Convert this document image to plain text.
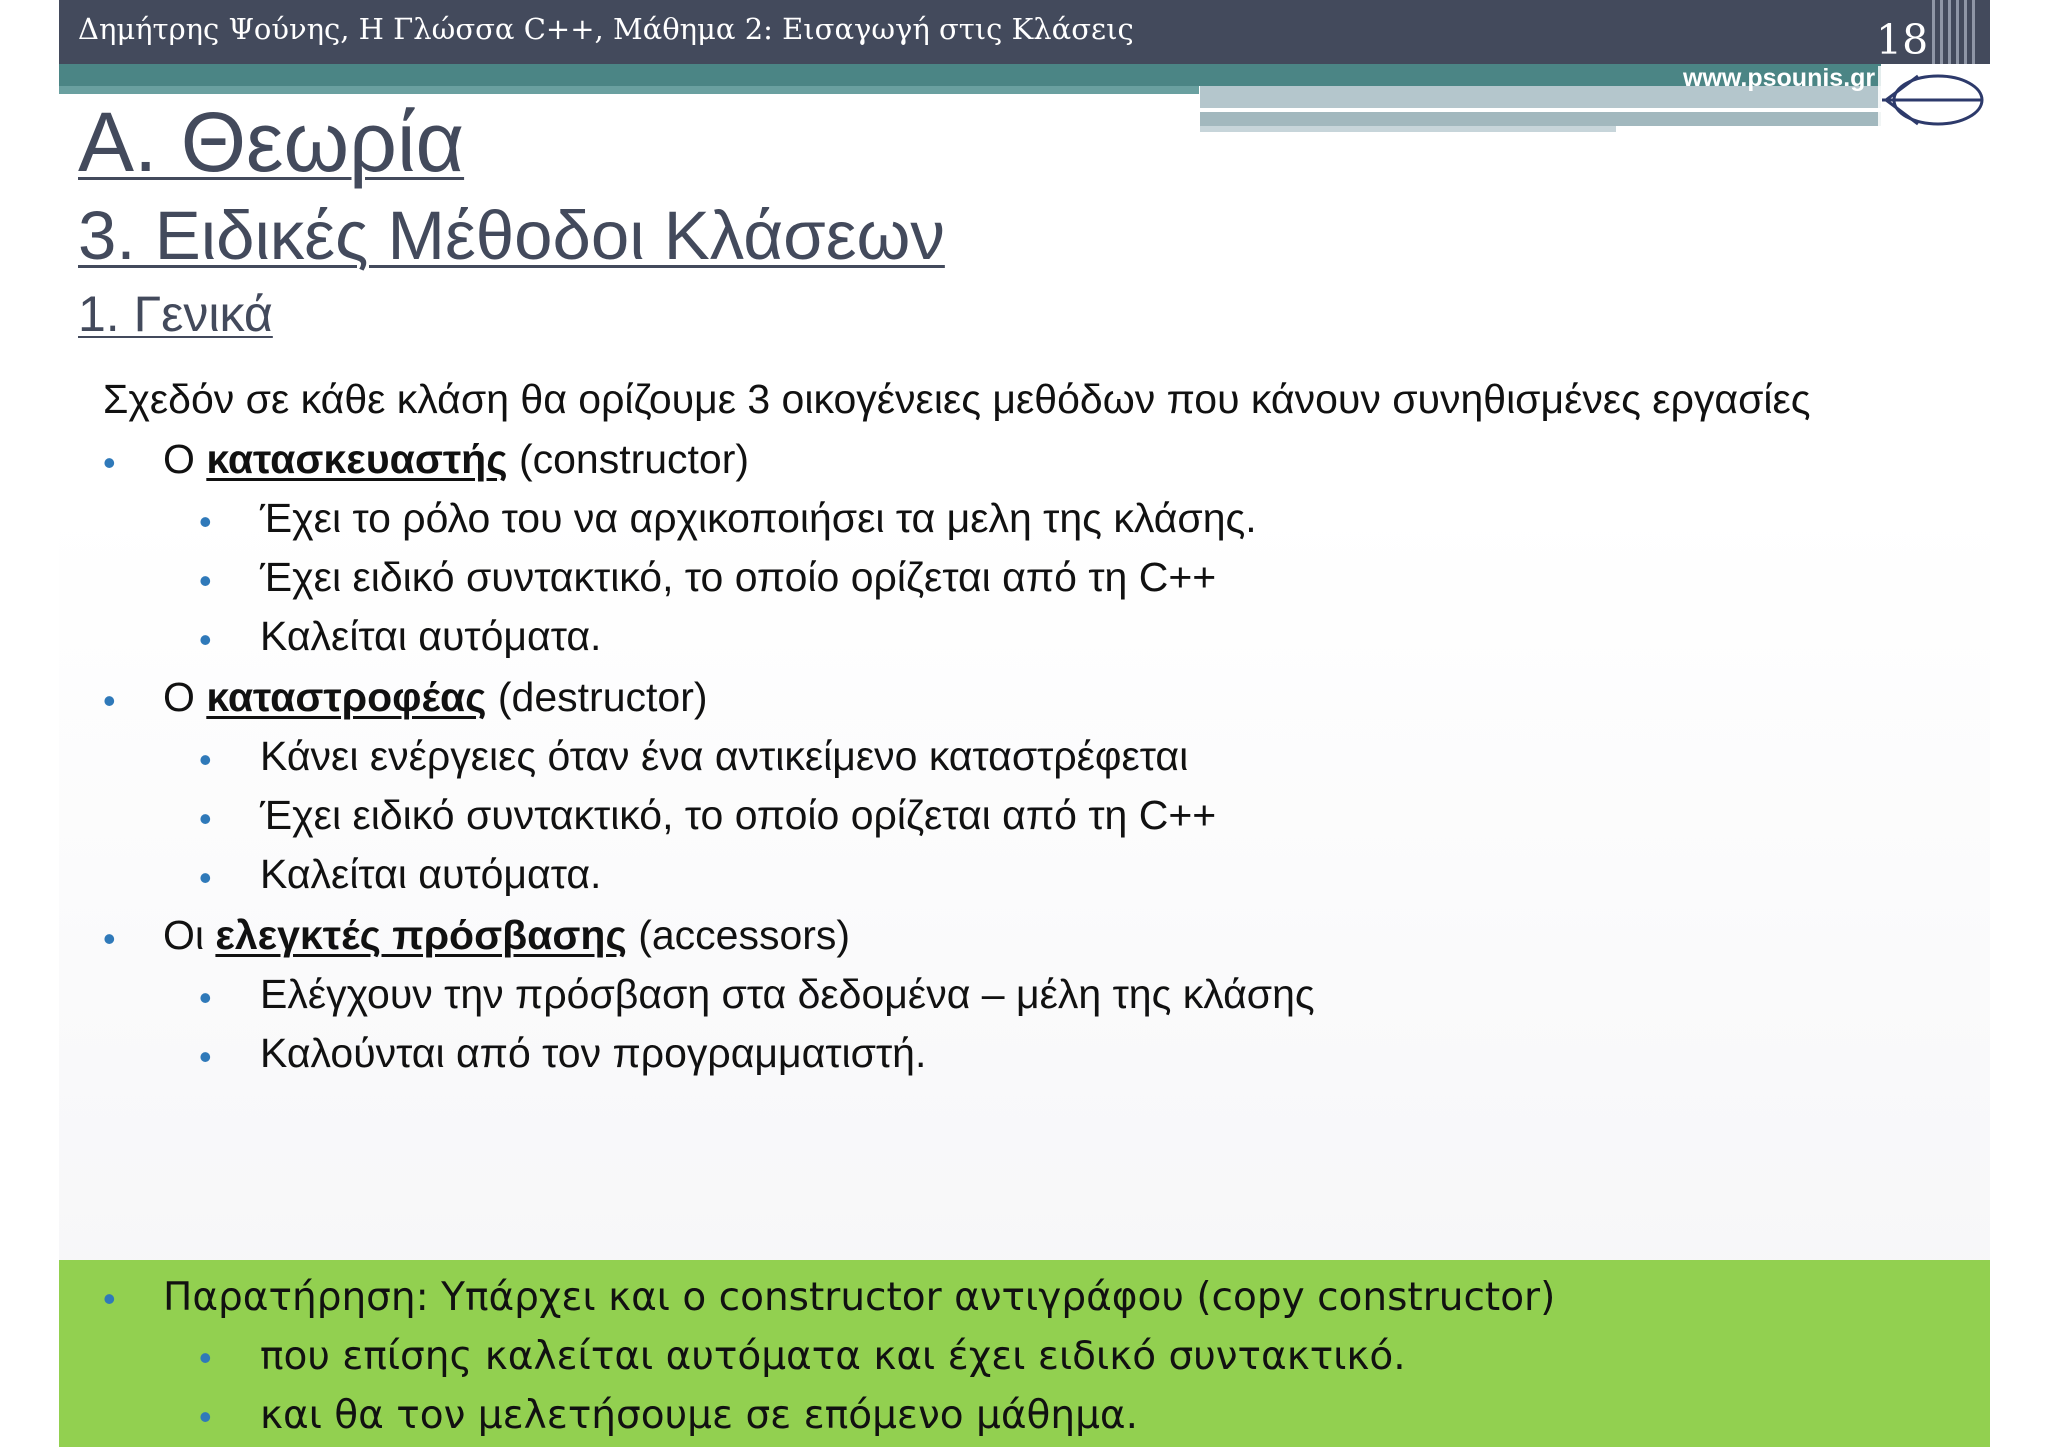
Δημήτρης Ψούνης, Η Γλώσσα C++, Μάθημα 2: Εισαγωγή στις Κλάσεις	18
www.psounis.gr
Α. Θεωρία
3. Ειδικές Μέθοδοι Κλάσεων
1. Γενικά
Σχεδόν σε κάθε κλάση θα ορίζουμε 3 οικογένειες μεθόδων που κάνουν συνηθισμένες εργασίες
• Ο κατασκευαστής (constructor)
• Έχει το ρόλο του να αρχικοποιήσει τα μελη της κλάσης.
• Έχει ειδικό συντακτικό, το οποίο ορίζεται από τη C++
• Καλείται αυτόματα.
• Ο καταστροφέας (destructor)
• Κάνει ενέργειες όταν ένα αντικείμενο καταστρέφεται
• Έχει ειδικό συντακτικό, το οποίο ορίζεται από τη C++
• Καλείται αυτόματα.
• Οι ελεγκτές πρόσβασης (accessors)
• Ελέγχουν την πρόσβαση στα δεδομένα – μέλη της κλάσης
• Καλούνται από τον προγραμματιστή.
• Παρατήρηση: Υπάρχει και ο constructor αντιγράφου (copy constructor)
• που επίσης καλείται αυτόματα και έχει ειδικό συντακτικό.
• και θα τον μελετήσουμε σε επόμενο μάθημα.
